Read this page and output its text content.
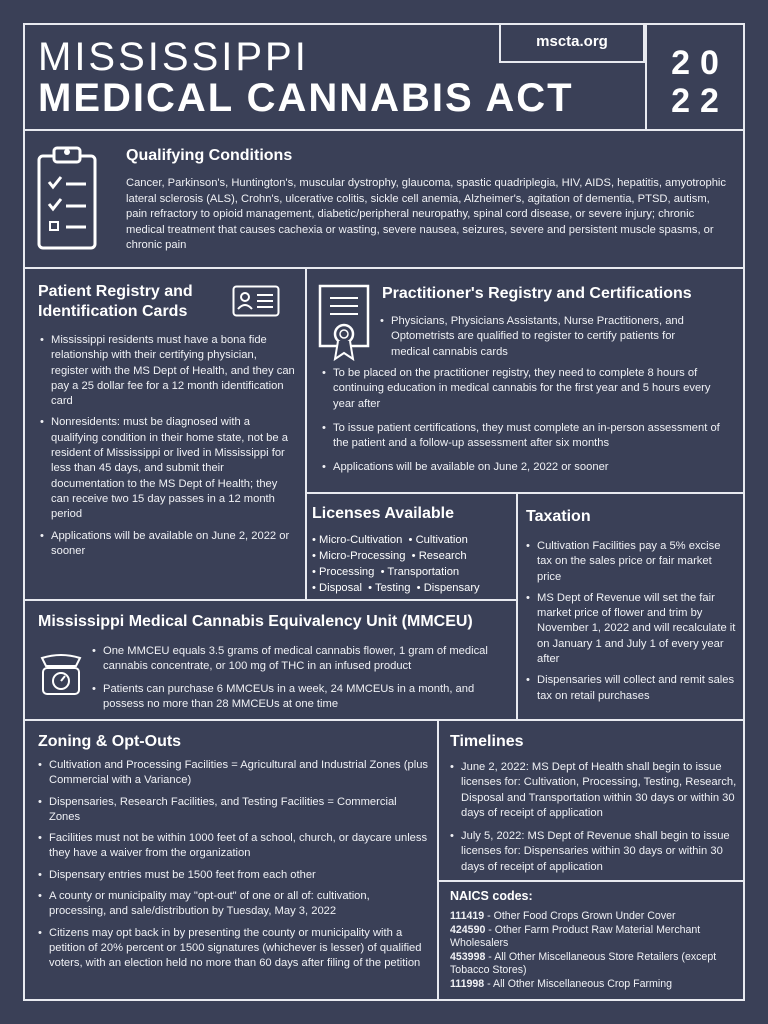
MISSISSIPPI
MEDICAL CANNABIS ACT
mscta.org
20
22
Qualifying Conditions
Cancer, Parkinson's, Huntington's, muscular dystrophy, glaucoma, spastic quadriplegia, HIV, AIDS, hepatitis, amyotrophic lateral sclerosis (ALS), Crohn's, ulcerative colitis, sickle cell anemia, Alzheimer's, agitation of dementia, PTSD, autism, pain refractory to opioid management, diabetic/peripheral neuropathy, spinal cord disease, or severe injury; chronic medical treatment that causes cachexia or wasting, severe nausea, seizures, severe and persistent muscle spasms, or chronic pain
Patient Registry and Identification Cards
• Mississippi residents must have a bona fide relationship with their certifying physician, register with the MS Dept of Health, and they can pay a 25 dollar fee for a 12 month identification card
• Nonresidents: must be diagnosed with a qualifying condition in their home state, not be a resident of Mississippi or lived in Mississippi for less than 45 days, and submit their documentation to the MS Dept of Health; they can receive two 15 day passes in a 12 month period
• Applications will be available on June 2, 2022 or sooner
Practitioner's Registry and Certifications
• Physicians, Physicians Assistants, Nurse Practitioners, and Optometrists are qualified to register to certify patients for medical cannabis cards
• To be placed on the practitioner registry, they need to complete 8 hours of continuing education in medical cannabis for the first year and 5 hours every year after
• To issue patient certifications, they must complete an in-person assessment of the patient and a follow-up assessment after six months
• Applications will be available on June 2, 2022 or sooner
Licenses Available
• Micro-Cultivation  • Cultivation
• Micro-Processing  • Research
• Processing  • Transportation
• Disposal  • Testing  • Dispensary
Taxation
• Cultivation Facilities pay a 5% excise tax on the sales price or fair market price
• MS Dept of Revenue will set the fair market price of flower and trim by November 1, 2022 and will recalculate it on January 1 and July 1 of every year after
• Dispensaries will collect and remit sales tax on retail purchases
Mississippi Medical Cannabis Equivalency Unit (MMCEU)
• One MMCEU equals 3.5 grams of medical cannabis flower, 1 gram of medical cannabis concentrate, or 100 mg of THC in an infused product
• Patients can purchase 6 MMCEUs in a week, 24 MMCEUs in a month, and possess no more than 28 MMCEUs at one time
Zoning & Opt-Outs
• Cultivation and Processing Facilities = Agricultural and Industrial Zones (plus Commercial with a Variance)
• Dispensaries, Research Facilities, and Testing Facilities = Commercial Zones
• Facilities must not be within 1000 feet of a school, church, or daycare unless they have a waiver from the organization
• Dispensary entries must be 1500 feet from each other
• A county or municipality may "opt-out" of one or all of: cultivation, processing, and sale/distribution by Tuesday, May 3, 2022
• Citizens may opt back in by presenting the county or municipality with a petition of 20% percent or 1500 signatures (whichever is lesser) of qualified voters, with an election held no more than 60 days after filing of the petition
Timelines
• June 2, 2022: MS Dept of Health shall begin to issue licenses for: Cultivation, Processing, Testing, Research, Disposal and Transportation within 30 days or within 30 days of receipt of application
• July 5, 2022: MS Dept of Revenue shall begin to issue licenses for: Dispensaries within 30 days or within 30 days of receipt of application
NAICS codes:
111419 - Other Food Crops Grown Under Cover
424590 - Other Farm Product Raw Material Merchant Wholesalers
453998 - All Other Miscellaneous Store Retailers (except Tobacco Stores)
111998 - All Other Miscellaneous Crop Farming
